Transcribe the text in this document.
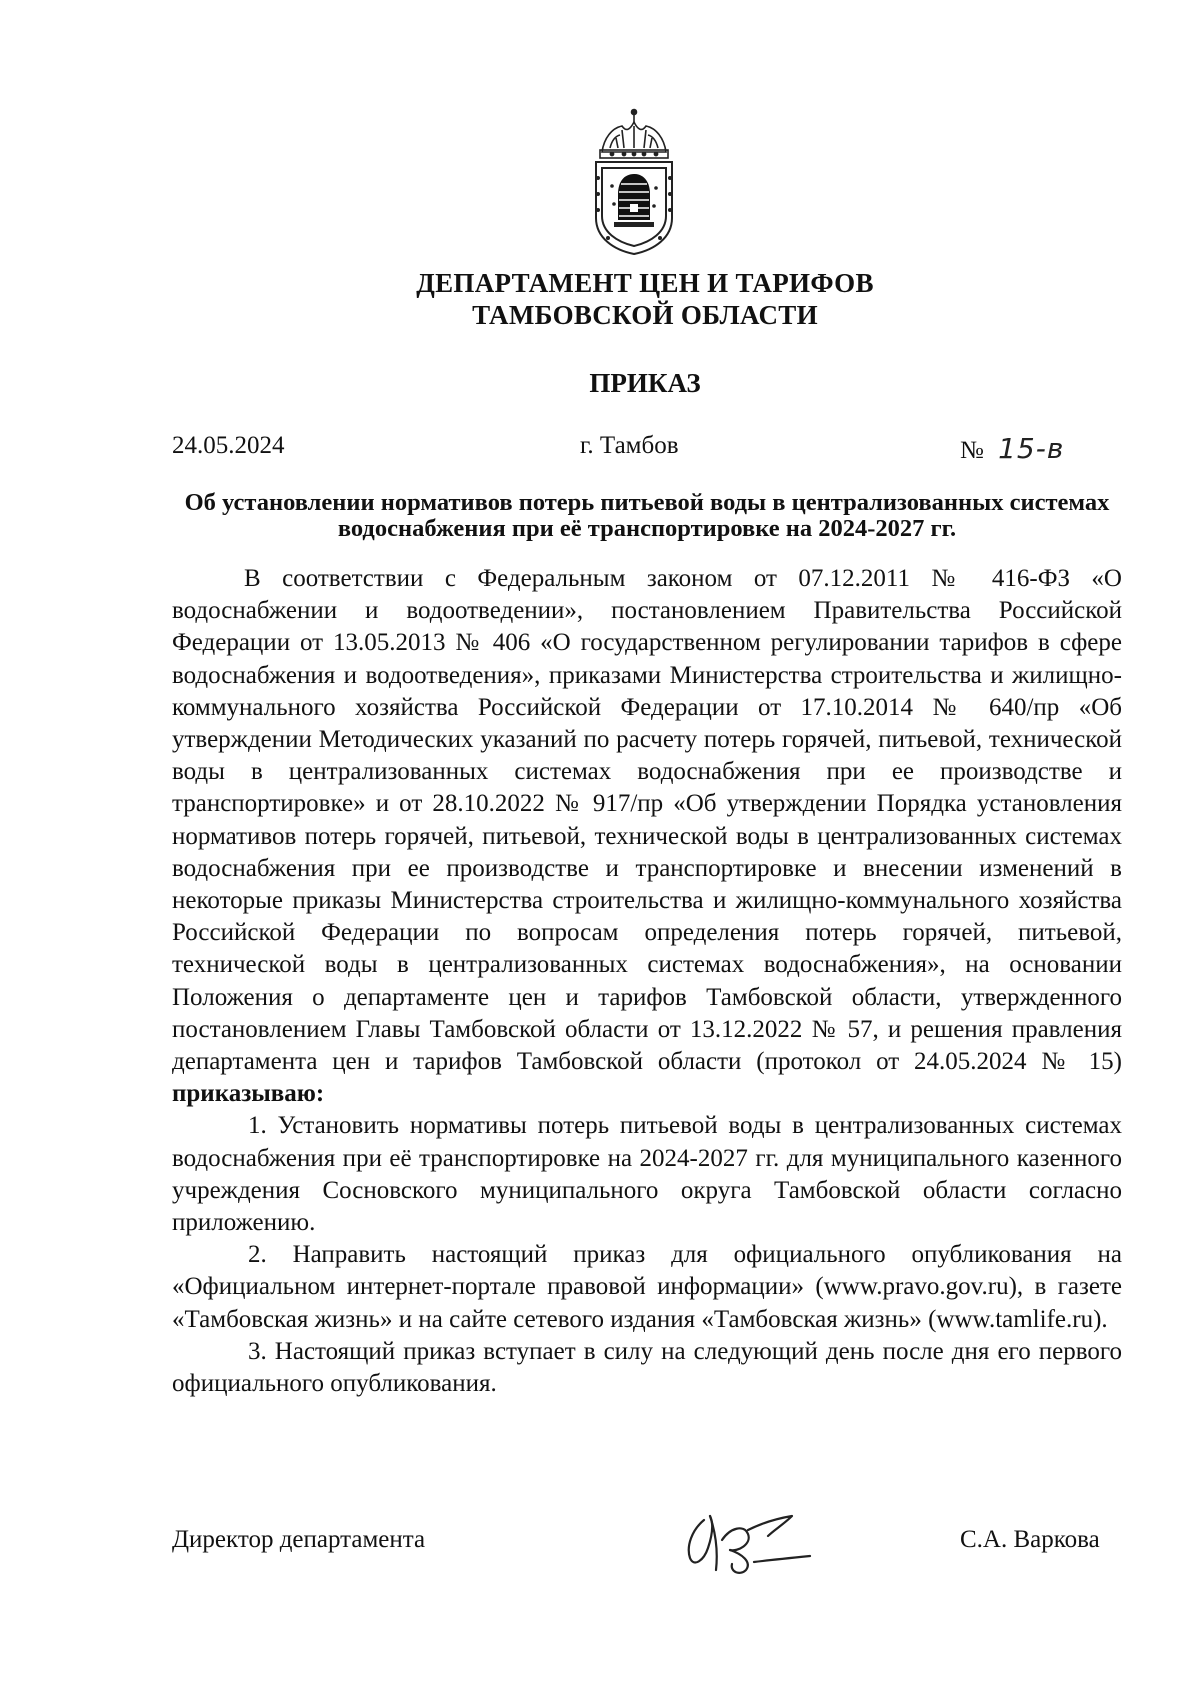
ДЕПАРТАМЕНТ ЦЕН И ТАРИФОВ
ТАМБОВСКОЙ ОБЛАСТИ
ПРИКАЗ
24.05.2024	г. Тамбов	№ 15-в
Об установлении нормативов потерь питьевой воды в централизованных системах водоснабжения при её транспортировке на 2024-2027 гг.

В соответствии с Федеральным законом от 07.12.2011 № 416-ФЗ «О водоснабжении и водоотведении», постановлением Правительства Российской Федерации от 13.05.2013 № 406 «О государственном регулировании тарифов в сфере водоснабжения и водоотведения», приказами Министерства строительства и жилищно-коммунального хозяйства Российской Федерации от 17.10.2014 № 640/пр «Об утверждении Методических указаний по расчету потерь горячей, питьевой, технической воды в централизованных системах водоснабжения при ее производстве и транспортировке» и от 28.10.2022 № 917/пр «Об утверждении Порядка установления нормативов потерь горячей, питьевой, технической воды в централизованных системах водоснабжения при ее производстве и транспортировке и внесении изменений в некоторые приказы Министерства строительства и жилищно-коммунального хозяйства Российской Федерации по вопросам определения потерь горячей, питьевой, технической воды в централизованных системах водоснабжения», на основании Положения о департаменте цен и тарифов Тамбовской области, утвержденного постановлением Главы Тамбовской области от 13.12.2022 № 57, и решения правления департамента цен и тарифов Тамбовской области (протокол от 24.05.2024 № 15) приказываю:

1. Установить нормативы потерь питьевой воды в централизованных системах водоснабжения при её транспортировке на 2024-2027 гг. для муниципального казенного учреждения Сосновского муниципального округа Тамбовской области согласно приложению.

2. Направить настоящий приказ для официального опубликования на «Официальном интернет-портале правовой информации» (www.pravo.gov.ru), в газете «Тамбовская жизнь» и на сайте сетевого издания «Тамбовская жизнь» (www.tamlife.ru).

3. Настоящий приказ вступает в силу на следующий день после дня его первого официального опубликования.

Директор департамента	С.А. Варкова
